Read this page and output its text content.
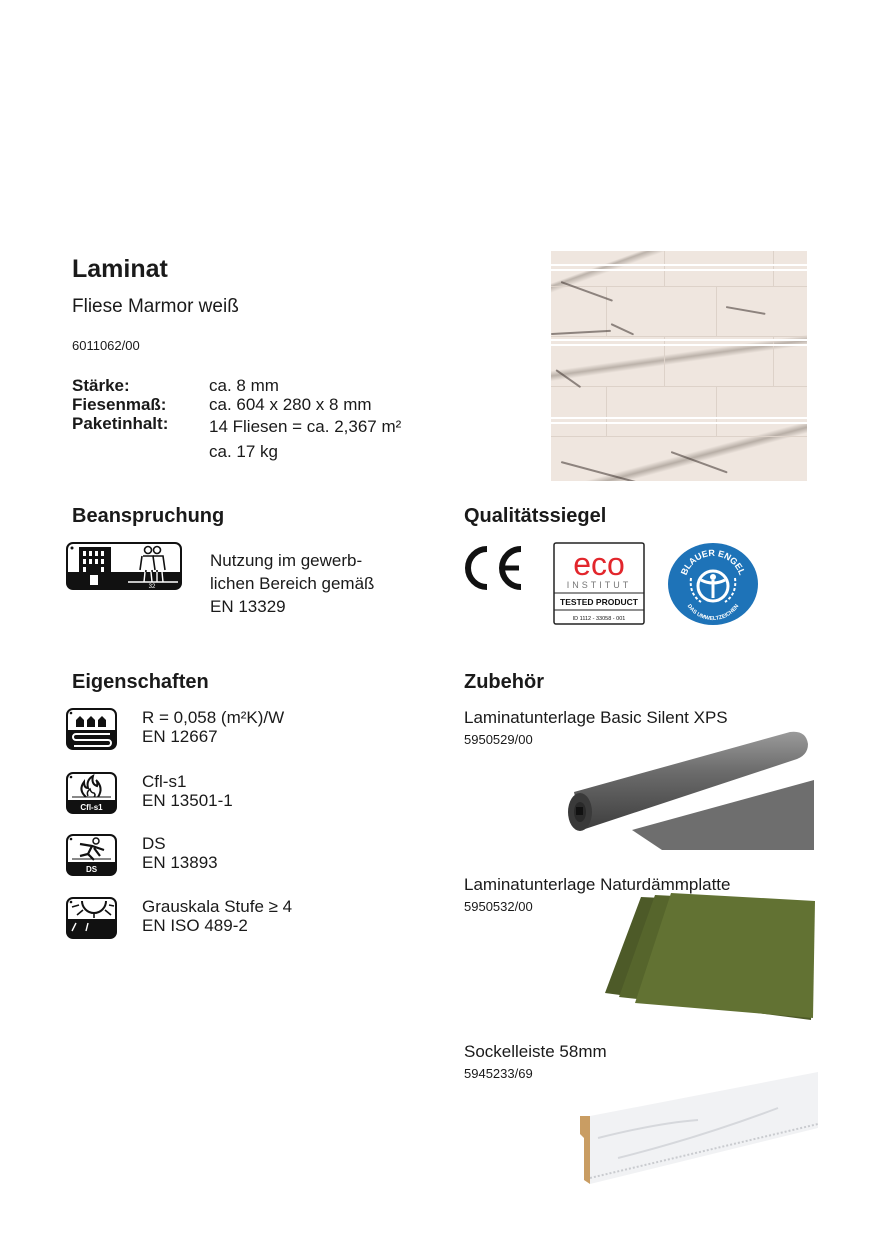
Laminat
Fliese Marmor weiß
6011062/00
Stärke:	ca. 8 mm
Fiesenmaß:	ca. 604 x 280 x 8 mm
Paketinhalt:	14 Fliesen = ca. 2,367 m²
ca. 17 kg
Beanspruchung
32
Nutzung im gewerb-
lichen Bereich gemäß
EN 13329
Qualitätssiegel
eco
INSTITUT
TESTED PRODUCT
ID 1112 - 33058 - 001
BLAUER ENGEL
DAS UMWELTZEICHEN
Eigenschaften
R = 0,058 (m²K)/W
EN 12667
Cfl-s1
Cfl-s1
EN 13501-1
DS
DS
EN 13893
Grauskala Stufe ≥ 4
EN ISO 489-2
Zubehör
Laminatunterlage Basic Silent XPS
5950529/00
Laminatunterlage Naturdämmplatte
5950532/00
Sockelleiste 58mm
5945233/69
